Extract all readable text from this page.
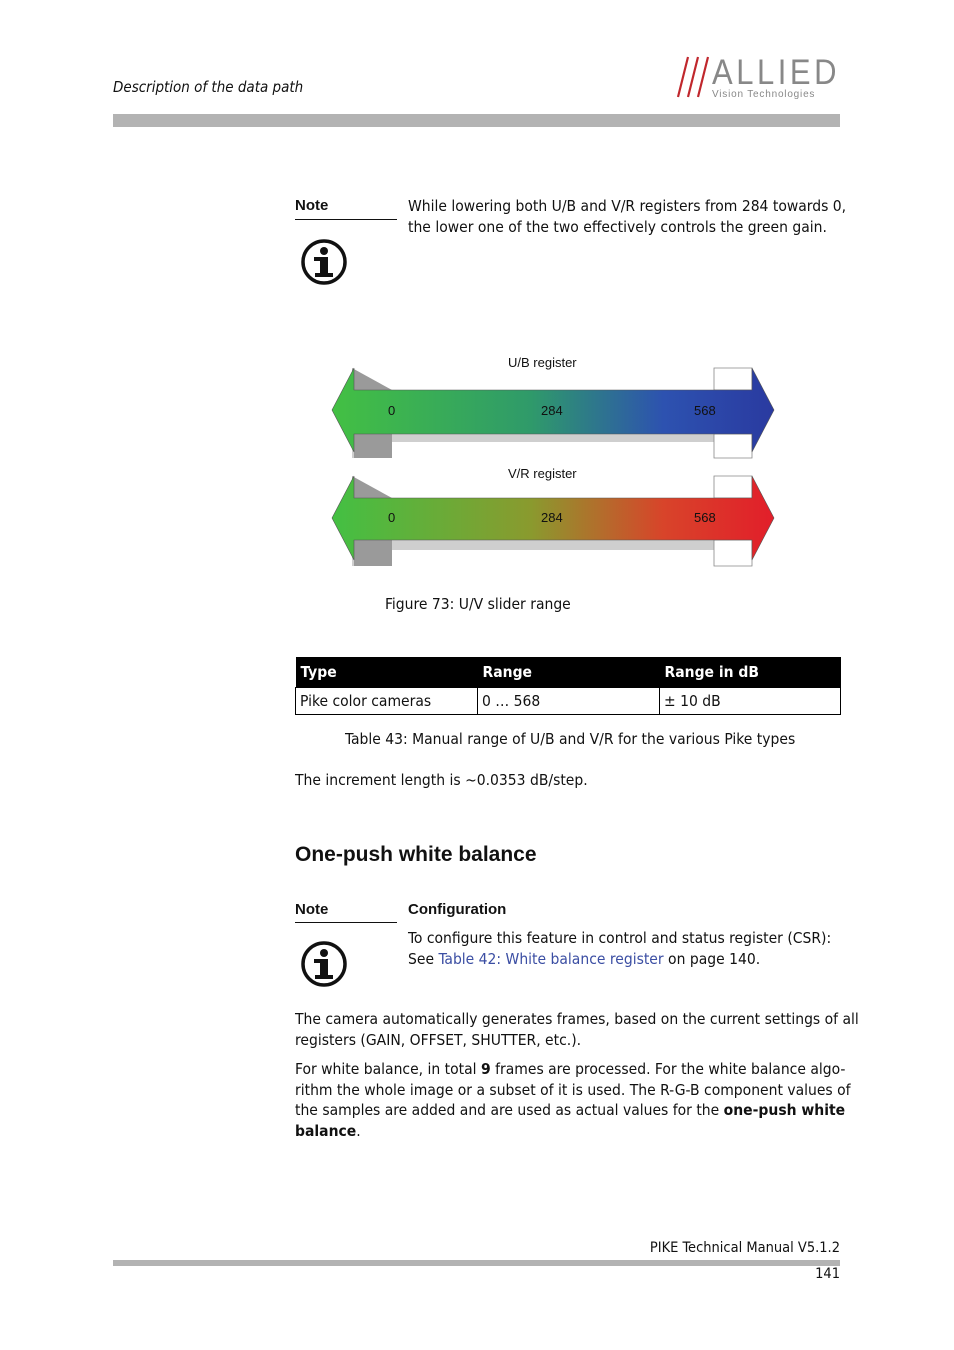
Description of the data path	ALLIED
Vision Technologies
Note	While lowering both U/B and V/R registers from 284 towards 0,
the lower one of the two effectively controls the green gain.
U/B register
V/R register
0	284	568
0	284	568
Figure 73: U/V slider range
Type	Range	Range in dB
Pike color cameras	0 … 568	± 10 dB
Table 43: Manual range of U/B and V/R for the various Pike types
The increment length is ~0.0353 dB/step.
One-push white balance
Note	Configuration
To configure this feature in control and status register (CSR):
See Table 42: White balance register on page 140.
The camera automatically generates frames, based on the current settings of all
registers (GAIN, OFFSET, SHUTTER, etc.).
For white balance, in total 9 frames are processed. For the white balance algo-
rithm the whole image or a subset of it is used. The R-G-B component values of
the samples are added and are used as actual values for the one-push white
balance.
PIKE Technical Manual V5.1.2
141
